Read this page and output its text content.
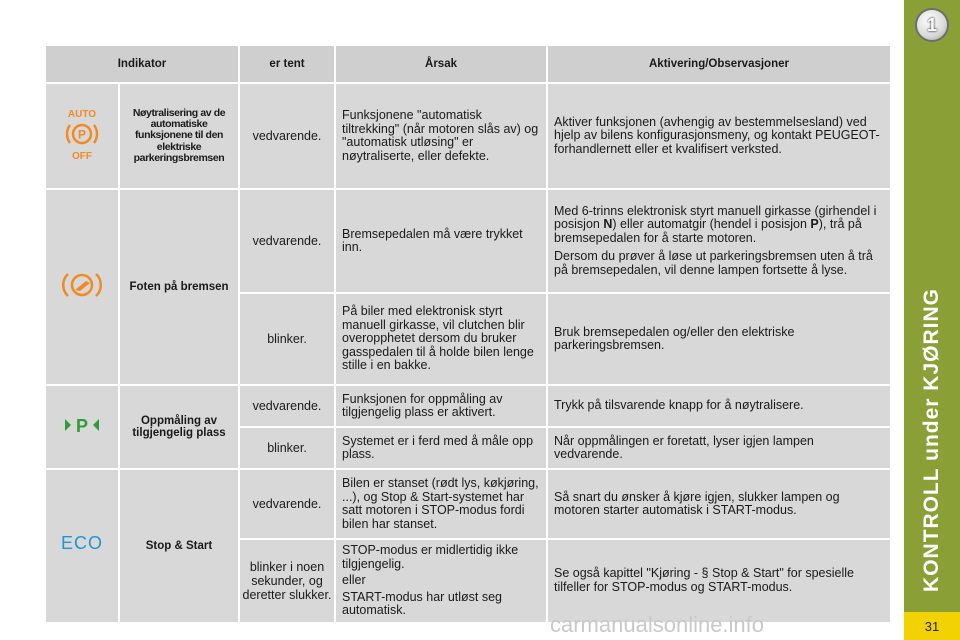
Indikator		er tent	Årsak	Aktivering/Observasjoner

AUTO
P
OFF	Nøytralisering av de automatiske funksjonene til den elektriske parkeringsbremsen	vedvarende.	Funksjonene "automatisk tiltrekking" (når motoren slås av) og "automatisk utløsing" er nøytraliserte, eller defekte.	Aktiver funksjonen (avhengig av bestemmelsesland) ved hjelp av bilens konfigurasjonsmeny, og kontakt PEUGEOT-forhandlernett eller et kvalifisert verksted.
	Foten på bremsen	vedvarende.	Bremsepedalen må være trykket inn.	Med 6-trinns elektronisk styrt manuell girkasse (girhendel i posisjon N) eller automatgir (hendel i posisjon P), trå på bremsepedalen for å starte motoren.
Dersom du prøver å løse ut parkeringsbremsen uten å trå på bremsepedalen, vil denne lampen fortsette å lyse.

		blinker.	På biler med elektronisk styrt manuell girkasse, vil clutchen blir overopphetet dersom du bruker gasspedalen til å holde bilen lenge stille i en bakke.	Bruk bremsepedalen og/eller den elektriske parkeringsbremsen.

P	Oppmåling av tilgjengelig plass	vedvarende.	Funksjonen for oppmåling av tilgjengelig plass er aktivert.	Trykk på tilsvarende knapp for å nøytralisere.
		blinker.	Systemet er i ferd med å måle opp plass.	Når oppmålingen er foretatt, lyser igjen lampen vedvarende.

ECO	Stop & Start	vedvarende.	Bilen er stanset (rødt lys, køkjøring, ...), og Stop & Start-systemet har satt motoren i STOP-modus fordi bilen har stanset.	Så snart du ønsker å kjøre igjen, slukker lampen og motoren starter automatisk i START-modus.
		blinker i noen sekunder, og deretter slukker.	STOP-modus er midlertidig ikke tilgjengelig.
eller
START-modus har utløst seg automatisk.	Se også kapittel "Kjøring - § Stop & Start" for spesielle tilfeller for STOP-modus og START-modus.
1
KONTROLL under KJØRING
carmanualsonline.info	31
